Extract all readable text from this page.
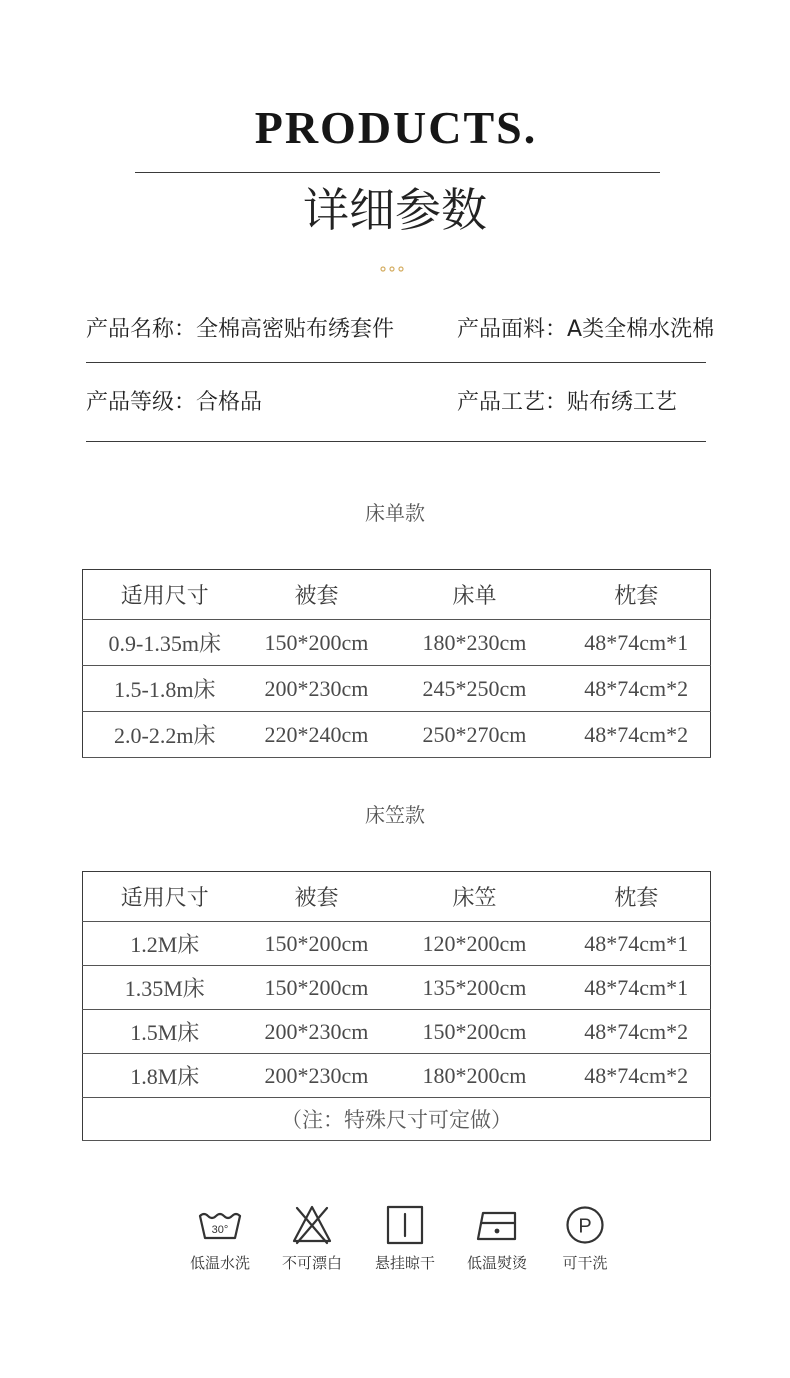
PRODUCTS.
详细参数
产品名称：全棉高密贴布绣套件	产品面料：A类全棉水洗棉
产品等级：合格品	产品工艺：贴布绣工艺
床单款
适用尺寸	被套	床单	枕套
0.9-1.35m床	150*200cm	180*230cm	48*74cm*1
1.5-1.8m床	200*230cm	245*250cm	48*74cm*2
2.0-2.2m床	220*240cm	250*270cm	48*74cm*2
床笠款
适用尺寸	被套	床笠	枕套
1.2M床	150*200cm	120*200cm	48*74cm*1
1.35M床	150*200cm	135*200cm	48*74cm*1
1.5M床	200*230cm	150*200cm	48*74cm*2
1.8M床	200*230cm	180*200cm	48*74cm*2
（注：特殊尺寸可定做）			
30°
低温水洗	不可漂白	悬挂晾干	低温熨烫
P
可干洗
